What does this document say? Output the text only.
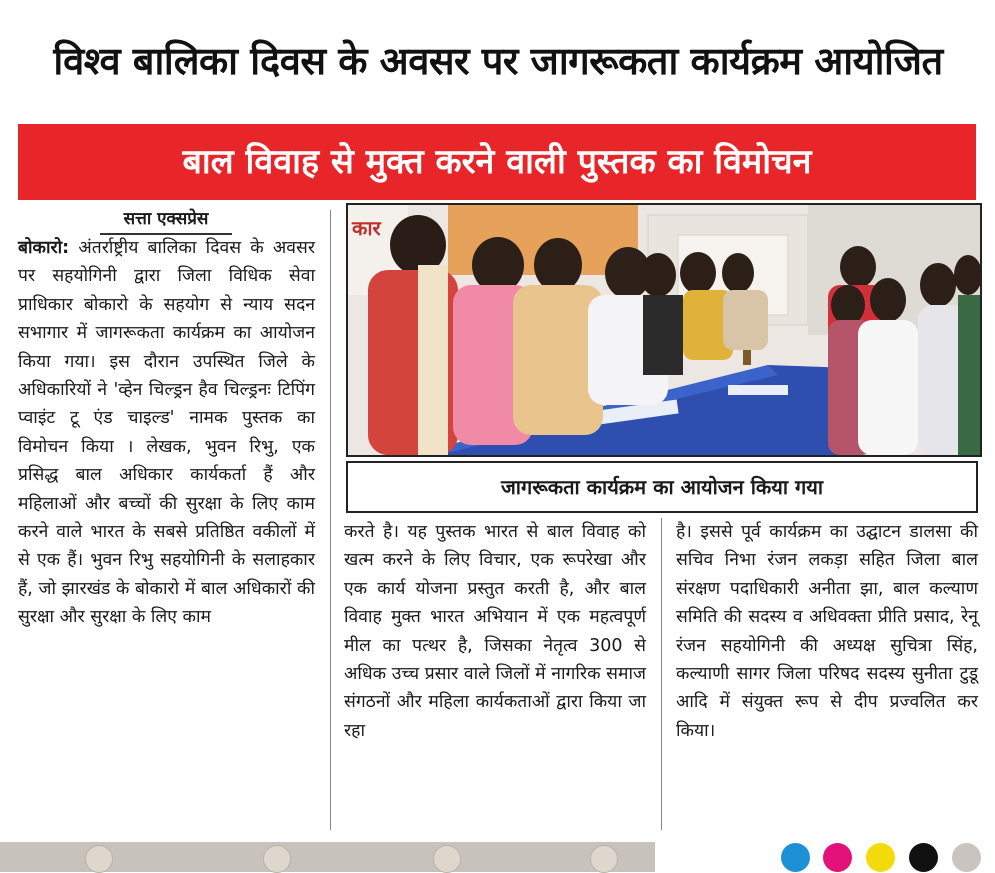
विश्व बालिका दिवस के अवसर पर जागरूकता कार्यक्रम आयोजित
बाल विवाह से मुक्त करने वाली पुस्तक का विमोचन
सत्ता एक्सप्रेस

बोकारो: अंतर्राष्ट्रीय बालिका दिवस के अवसर पर सहयोगिनी द्वारा जिला विधिक सेवा प्राधिकार बोकारो के सहयोग से न्याय सदन सभागार में जागरूकता कार्यक्रम का आयोजन किया गया। इस दौरान उपस्थित जिले के अधिकारियों ने 'व्हेन चिल्ड्रन हैव चिल्ड्रनः टिपिंग प्वाइंट टू एंड चाइल्ड' नामक पुस्तक का विमोचन किया । लेखक, भुवन रिभु, एक प्रसिद्ध बाल अधिकार कार्यकर्ता हैं और महिलाओं और बच्चों की सुरक्षा के लिए काम करने वाले भारत के सबसे प्रतिष्ठित वकीलों में से एक हैं। भुवन रिभु सहयोगिनी के सलाहकार हैं, जो झारखंड के बोकारो में बाल अधिकारों की सुरक्षा और सुरक्षा के लिए काम

कार
जागरूकता कार्यक्रम का आयोजन किया गया

करते है। यह पुस्तक भारत से बाल विवाह को खत्म करने के लिए विचार, एक रूपरेखा और एक कार्य योजना प्रस्तुत करती है, और बाल विवाह मुक्त भारत अभियान में एक महत्वपूर्ण मील का पत्थर है, जिसका नेतृत्व 300 से अधिक उच्च प्रसार वाले जिलों में नागरिक समाज संगठनों और महिला कार्यकताओं द्वारा किया जा रहा

है। इससे पूर्व कार्यक्रम का उद्घाटन डालसा की सचिव निभा रंजन लकड़ा सहित जिला बाल संरक्षण पदाधिकारी अनीता झा, बाल कल्याण समिति की सदस्य व अधिवक्ता प्रीति प्रसाद, रेनू रंजन सहयोगिनी की अध्यक्ष सुचित्रा सिंह, कल्याणी सागर जिला परिषद सदस्य सुनीता टुडू आदि में संयुक्त रूप से दीप प्रज्वलित कर किया।
